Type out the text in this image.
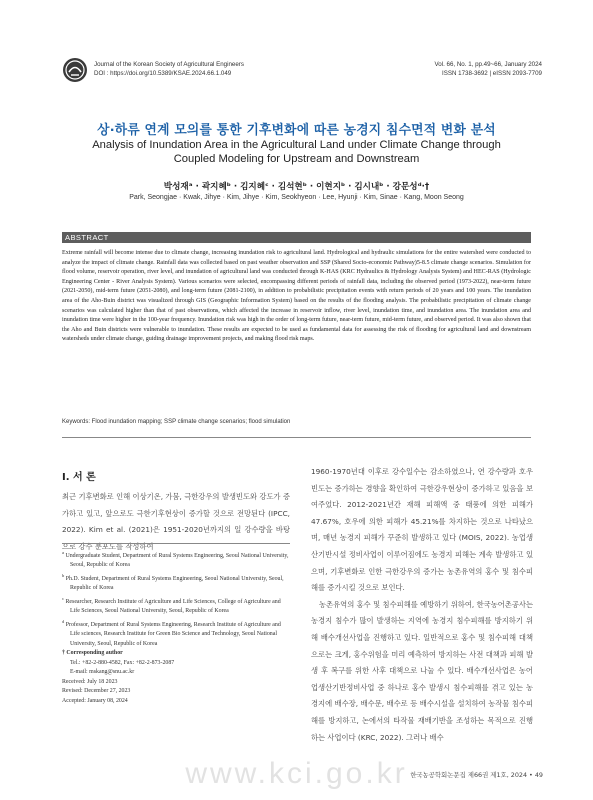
Journal of the Korean Society of Agricultural Engineers
DOI : https://doi.org/10.5389/KSAE.2024.66.1.049
Vol. 66, No. 1, pp.49~66, January 2024
ISSN 1738-3692 | eISSN 2093-7709
상·하류 연계 모의를 통한 기후변화에 따른 농경지 침수면적 변화 분석
Analysis of Inundation Area in the Agricultural Land under Climate Change through
Coupled Modeling for Upstream and Downstream
박성재ᵃ · 곽지혜ᵇ · 김지혜ᶜ · 김석현ᵇ · 이현지ᵇ · 김시내ᵇ · 강문성ᵈ·†
Park, Seongjae · Kwak, Jihye · Kim, Jihye · Kim, Seokhyeon · Lee, Hyunji · Kim, Sinae · Kang, Moon Seong
ABSTRACT
Extreme rainfall will become intense due to climate change, increasing inundation risk to agricultural land. Hydrological and hydraulic simulations for the entire watershed were conducted to analyze the impact of climate change. Rainfall data was collected based on past weather observation and SSP (Shared Socio-economic Pathway)5-8.5 climate change scenarios. Simulation for flood volume, reservoir operation, river level, and inundation of agricultural land was conducted through K-HAS (KRC Hydraulics & Hydrology Analysis System) and HEC-RAS (Hydrologic Engineering Center - River Analysis System). Various scenarios were selected, encompassing different periods of rainfall data, including the observed period (1973-2022), near-term future (2021-2050), mid-term future (2051-2080), and long-term future (2081-2100), in addition to probabilistic precipitation events with return periods of 20 years and 100 years. The inundation area of the Aho-Buin district was visualized through GIS (Geographic Information System) based on the results of the flooding analysis. The probabilistic precipitation of climate change scenarios was calculated higher than that of past observations, which affected the increase in reservoir inflow, river level, inundation time, and inundation area. The inundation area and inundation time were higher in the 100-year frequency. Inundation risk was high in the order of long-term future, near-term future, mid-term future, and observed period. It was also shown that the Aho and Buin districts were vulnerable to inundation. These results are expected to be used as fundamental data for assessing the risk of flooding for agricultural land and downstream watersheds under climate change, guiding drainage improvement projects, and making flood risk maps.
Keywords: Flood inundation mapping; SSP climate change scenarios; flood simulation
Ⅰ. 서 론
최근 기후변화로 인해 이상기온, 가뭄, 극한강우의 발생빈도와 강도가 증가하고 있고, 앞으로도 극한기후현상이 증가할 것으로 전망된다 (IPCC, 2022). Kim et al. (2021)은 1951-2020년까지의 일 강수량을 바탕으로 강수 분포도를 작성하여
$^a$ Undergraduate Student, Department of Rural Systems Engineering, Seoul National University, Seoul, Republic of Korea
$^b$ Ph.D. Student, Department of Rural Systems Engineering, Seoul National University, Seoul, Republic of Korea
$^c$ Researcher, Research Institute of Agriculture and Life Sciences, College of Agriculture and Life Sciences, Seoul National University, Seoul, Republic of Korea
$^d$ Professor, Department of Rural Systems Engineering, Research Institute of Agriculture and Life sciences, Research Institute for Green Bio Science and Technology, Seoul National University, Seoul, Republic of Korea
† Corresponding author
Tel.: +82-2-880-4582, Fax: +82-2-873-2087
E-mail: mskang@snu.ac.kr
Received: July 18 2023
Revised: December 27, 2023
Accepted: January 08, 2024
1960-1970년대 이후로 강수일수는 감소하였으나, 연 강수량과 호우빈도는 증가하는 경향을 확인하여 극한강우현상이 증가하고 있음을 보여주었다. 2012-2021년간 재해 피해액 중 태풍에 의한 피해가 47.67%, 호우에 의한 피해가 45.21%를 차지하는 것으로 나타났으며, 매년 농경지 피해가 꾸준히 발생하고 있다 (MOIS, 2022). 농업생산기반시설 정비사업이 이루어짐에도 농경지 피해는 계속 발생하고 있으며, 기후변화로 인한 극한강우의 증가는 농촌유역의 홍수 및 침수피해를 증가시킬 것으로 보인다.
농촌유역의 홍수 및 침수피해를 예방하기 위하여, 한국농어촌공사는 농경지 침수가 많이 발생하는 지역에 농경지 침수피해를 방지하기 위해 배수개선사업을 진행하고 있다. 일반적으로 홍수 및 침수피해 대책으로는 크게, 홍수위험을 미리 예측하여 방지하는 사전 대책과 피해 발생 후 복구를 위한 사후 대책으로 나눌 수 있다. 배수개선사업은 농어업생산기반정비사업 중 하나로 홍수 발생시 침수피해를 겪고 있는 농경지에 배수장, 배수문, 배수로 등 배수시설을 설치하여 농작물 침수피해를 방지하고, 논에서의 타작물 재배기반을 조성하는 목적으로 진행하는 사업이다 (KRC, 2022). 그러나 배수
www.kci.go.kr 한국농공학회논문집 제66권 제1호, 2024 • 49
